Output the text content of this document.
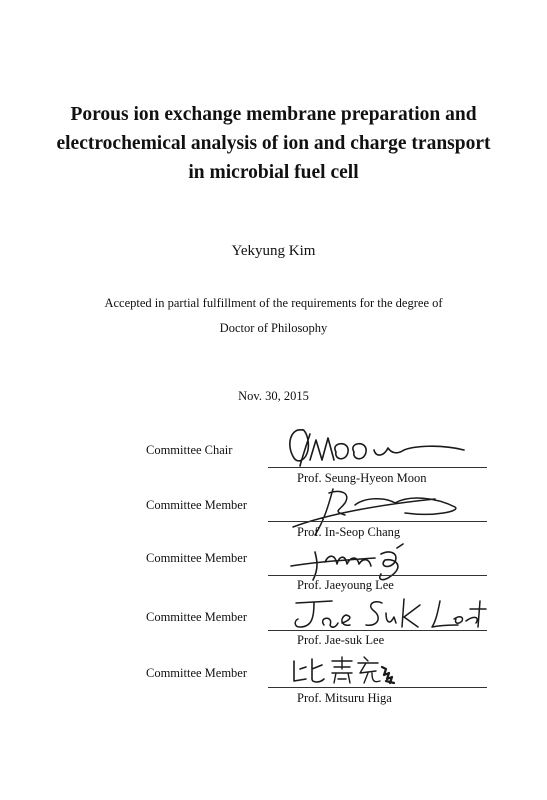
Porous ion exchange membrane preparation and
electrochemical analysis of ion and charge transport
in microbial fuel cell
Yekyung Kim
Accepted in partial fulfillment of the requirements for the degree of
Doctor of Philosophy
Nov. 30, 2015
Committee Chair
Prof. Seung-Hyeon Moon
Committee Member
Prof. In-Seop Chang
Committee Member
Prof. Jaeyoung Lee
Committee Member
Prof. Jae-suk Lee
Committee Member
Prof. Mitsuru Higa
